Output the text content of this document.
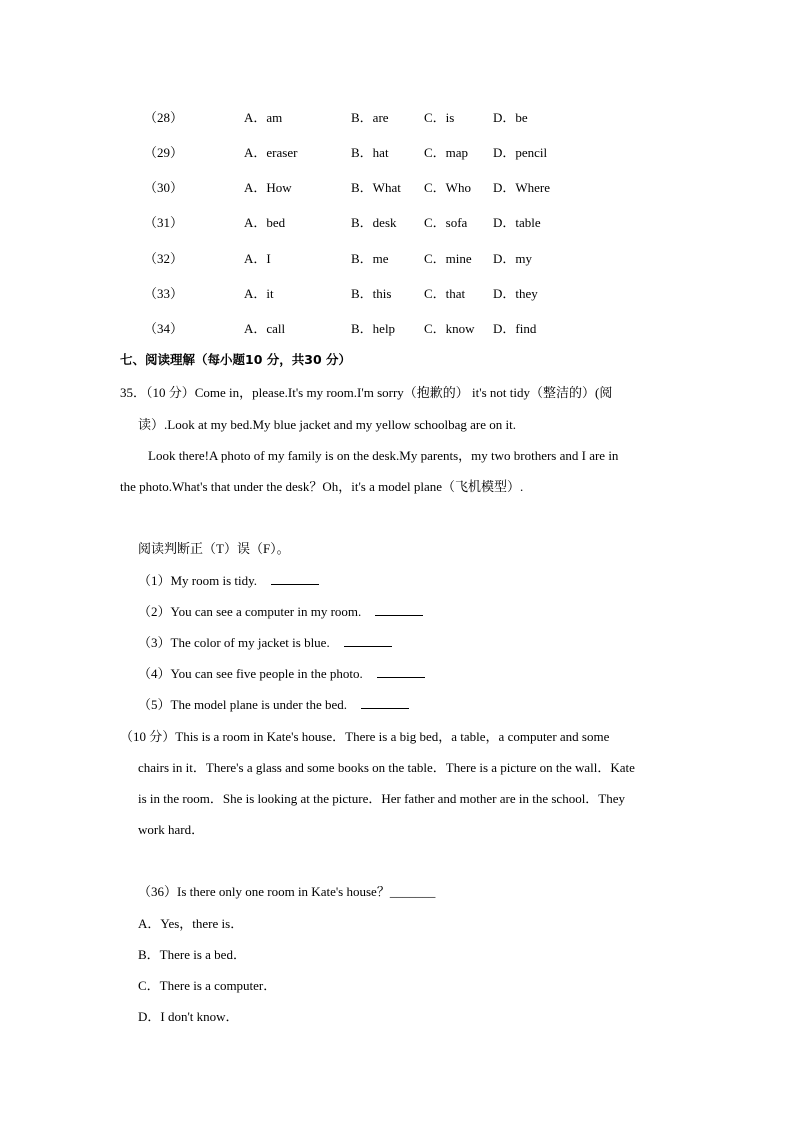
（28）	A．am	B．are	C．is	D．be
（29）	A．eraser	B．hat	C．map D．pencil
（30）	A．How	B．What C．Who D．Where
（31）	A．bed	B．desk C．sofa D．table
（32）	A．I	B．me	C．mine D．my
（33）	A．it	B．this	C．that D．they
（34）	A．call	B．help C．know D．find
七、阅读理解（每小题10 分，共30 分）
35．（10 分）Come in，please.It's my room.I'm sorry（抱歉的） it's not tidy（整洁的）(阅
读）.Look at my bed.My blue jacket and my yellow schoolbag are on it.
Look there!A photo of my family is on the desk.My parents，my two brothers and I are in
the photo.What's that under the desk？Oh，it's a model plane（飞机模型）.
阅读判断正（T）误（F）。
（1）My room is tidy.
（2）You can see a computer in my room.
（3）The color of my jacket is blue.
（4）You can see five people in the photo.
（5）The model plane is under the bed.
（10 分）This is a room in Kate's house．There is a big bed，a table，a computer and some
chairs in it．There's a glass and some books on the table．There is a picture on the wall．Kate
is in the room．She is looking at the picture．Her father and mother are in the school．They
work hard．
（36）Is there only one room in Kate's house？_______
A．Yes，there is．
B．There is a bed．
C．There is a computer．
D．I don't know．
